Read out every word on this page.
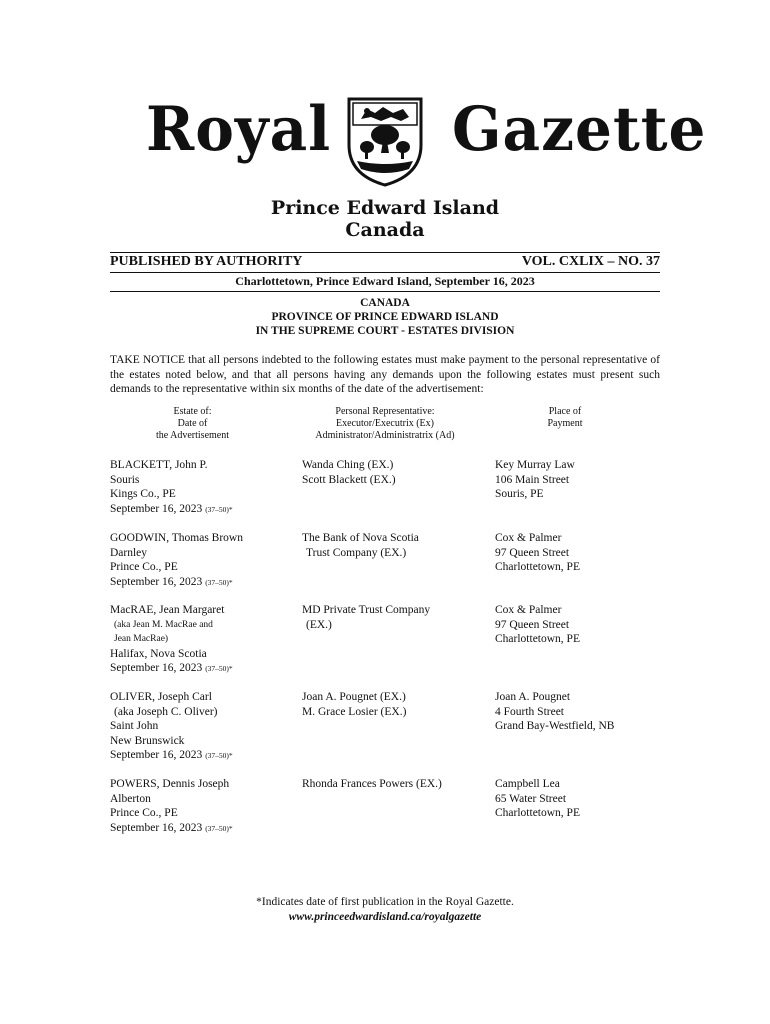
Royal Gazette
Prince Edward Island
Canada
PUBLISHED BY AUTHORITY	VOL. CXLIX – NO. 37
Charlottetown, Prince Edward Island, September 16, 2023
CANADA
PROVINCE OF PRINCE EDWARD ISLAND
IN THE SUPREME COURT - ESTATES DIVISION
TAKE NOTICE that all persons indebted to the following estates must make payment to the personal representative of the estates noted below, and that all persons having any demands upon the following estates must present such demands to the representative within six months of the date of the advertisement:
Estate of:
Date of
the Advertisement
Personal Representative:
Executor/Executrix (Ex)
Administrator/Administratrix (Ad)
Place of
Payment
BLACKETT, John P.
Souris
Kings Co., PE
September 16, 2023 (37–50)*
Wanda Ching (EX.)
Scott Blackett (EX.)
Key Murray Law
106 Main Street
Souris, PE
GOODWIN, Thomas Brown
Darnley
Prince Co., PE
September 16, 2023 (37–50)*
The Bank of Nova Scotia
Trust Company (EX.)
Cox & Palmer
97 Queen Street
Charlottetown, PE
MacRAE, Jean Margaret
(aka Jean M. MacRae and
Jean MacRae)
Halifax, Nova Scotia
September 16, 2023 (37–50)*
MD Private Trust Company
(EX.)
Cox & Palmer
97 Queen Street
Charlottetown, PE
OLIVER, Joseph Carl
(aka Joseph C. Oliver)
Saint John
New Brunswick
September 16, 2023 (37–50)*
Joan A. Pougnet (EX.)
M. Grace Losier (EX.)
Joan A. Pougnet
4 Fourth Street
Grand Bay-Westfield, NB
POWERS, Dennis Joseph
Alberton
Prince Co., PE
September 16, 2023 (37–50)*
Rhonda Frances Powers (EX.)	Campbell Lea
65 Water Street
Charlottetown, PE
*Indicates date of first publication in the Royal Gazette.
www.princeedwardisland.ca/royalgazette
